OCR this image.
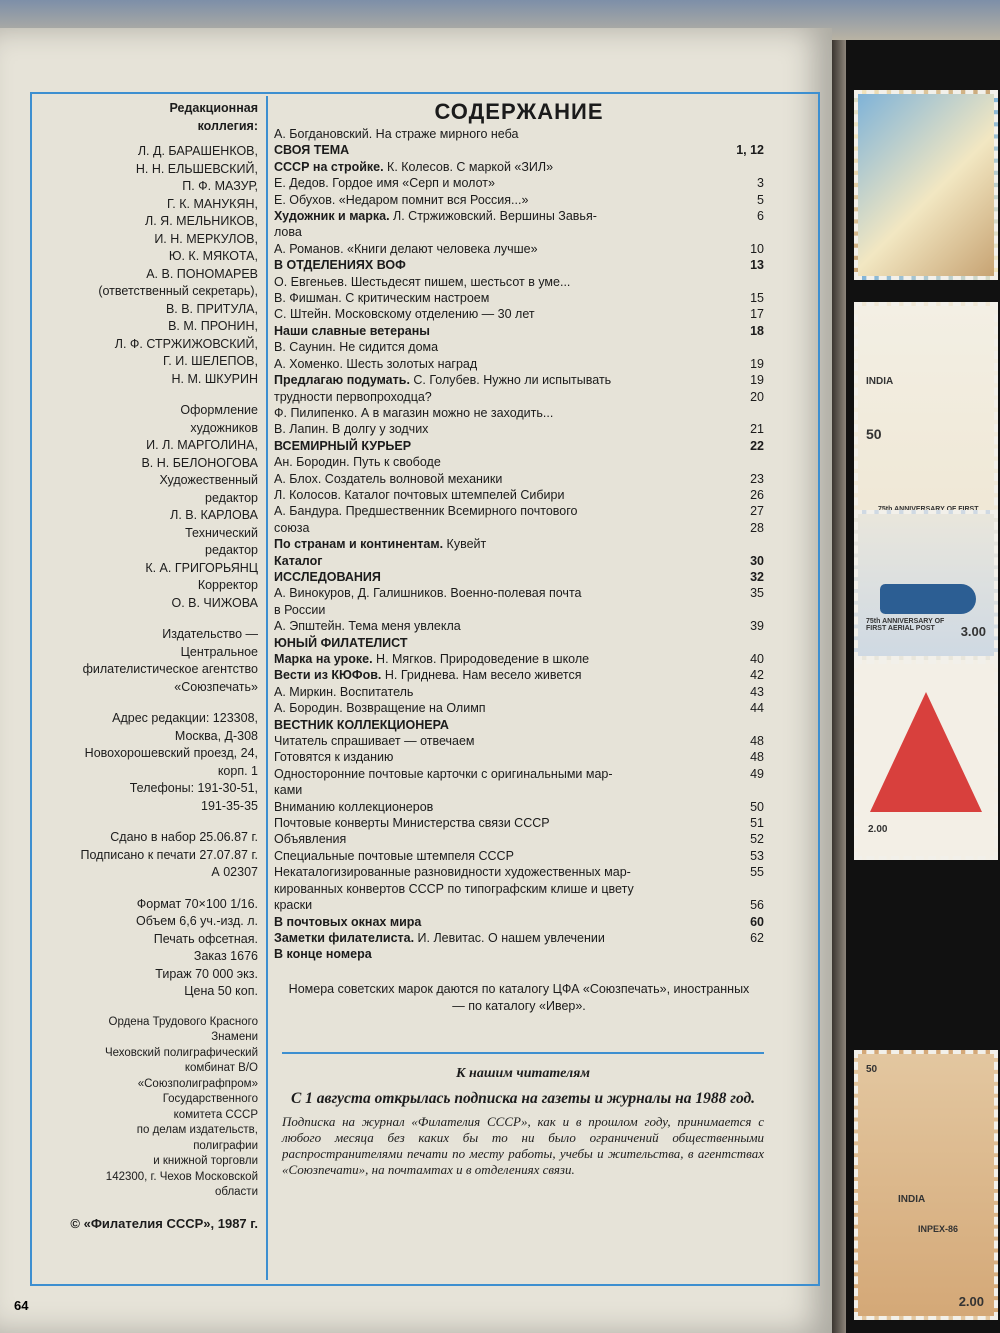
Редакционная
коллегия:
Л. Д. БАРАШЕНКОВ,
Н. Н. ЕЛЬШЕВСКИЙ,
П. Ф. МАЗУР,
Г. К. МАНУКЯН,
Л. Я. МЕЛЬНИКОВ,
И. Н. МЕРКУЛОВ,
Ю. К. МЯКОТА,
А. В. ПОНОМАРЕВ
(ответственный секретарь),
В. В. ПРИТУЛА,
В. М. ПРОНИН,
Л. Ф. СТРЖИЖОВСКИЙ,
Г. И. ШЕЛЕПОВ,
Н. М. ШКУРИН
Оформление
художников
И. Л. МАРГОЛИНА,
В. Н. БЕЛОНОГОВА
Художественный
редактор
Л. В. КАРЛОВА
Технический
редактор
К. А. ГРИГОРЬЯНЦ
Корректор
О. В. ЧИЖОВА
Издательство —
Центральное
филателистическое агентство
«Союзпечать»
Адрес редакции: 123308,
Москва, Д-308
Новохорошевский проезд, 24,
корп. 1
Телефоны: 191-30-51,
191-35-35
Сдано в набор 25.06.87 г.
Подписано к печати 27.07.87 г.
А 02307
Формат 70×100 1/16.
Объем 6,6 уч.-изд. л.
Печать офсетная.
Заказ 1676
Тираж 70 000 экз.
Цена 50 коп.
Ордена Трудового Красного
Знамени
Чеховский полиграфический
комбинат В/О
«Союзполиграфпром»
Государственного
комитета СССР
по делам издательств,
полиграфии
и книжной торговли
142300, г. Чехов Московской
области
© «Филателия СССР», 1987 г.
СОДЕРЖАНИЕ
А. Богдановский. На страже мирного неба
СВОЯ ТЕМА	1, 12
СССР на стройке. К. Колесов. С маркой «ЗИЛ»
Е. Дедов. Гордое имя «Серп и молот»	3
Е. Обухов. «Недаром помнит вся Россия...»	5
Художник и марка. Л. Стржижовский. Вершины Завья-	6
лова
А. Романов. «Книги делают человека лучше»	10
В ОТДЕЛЕНИЯХ ВОФ	13
О. Евгеньев. Шестьдесят пишем, шестьсот в уме...
В. Фишман. С критическим настроем	15
С. Штейн. Московскому отделению — 30 лет	17
Наши славные ветераны	18
В. Саунин. Не сидится дома
А. Хоменко. Шесть золотых наград	19
Предлагаю подумать. С. Голубев. Нужно ли испытывать	19
трудности первопроходца?	20
Ф. Пилипенко. А в магазин можно не заходить...
В. Лапин. В долгу у зодчих	21
ВСЕМИРНЫЙ КУРЬЕР	22
Ан. Бородин. Путь к свободе
А. Блох. Создатель волновой механики	23
Л. Колосов. Каталог почтовых штемпелей Сибири	26
А. Бандура. Предшественник Всемирного почтового	27
союза	28
По странам и континентам. Кувейт
Каталог	30
ИССЛЕДОВАНИЯ	32
А. Винокуров, Д. Галишников. Военно-полевая почта	35
в России
А. Эпштейн. Тема меня увлекла	39
ЮНЫЙ ФИЛАТЕЛИСТ
Марка на уроке. Н. Мягков. Природоведение в школе	40
Вести из КЮФов. Н. Гриднева. Нам весело живется	42
А. Миркин. Воспитатель	43
А. Бородин. Возвращение на Олимп	44
ВЕСТНИК КОЛЛЕКЦИОНЕРА
Читатель спрашивает — отвечаем	48
Готовятся к изданию	48
Односторонние почтовые карточки с оригинальными мар-	49
ками
Вниманию коллекционеров	50
Почтовые конверты Министерства связи СССР	51
Объявления	52
Специальные почтовые штемпеля СССР	53
Некаталогизированные разновидности художественных мар-	55
кированных конвертов СССР по типографским клише и цвету
краски	56
В почтовых окнах мира	60
Заметки филателиста. И. Левитас. О нашем увлечении	62
В конце номера
Номера советских марок даются по каталогу ЦФА «Союзпечать», иностранных — по каталогу «Ивер».
К нашим читателям
С 1 августа открылась подписка на газеты и журналы на 1988 год.
Подписка на журнал «Филателия СССР», как и в прошлом году, принимается с любого месяца без каких бы то ни было ограничений общественными распространителями печати по месту работы, учебы и жительства, в агентствах «Союзпечати», на почтамтах и в отделениях связи.
64
INDIA
50
75th ANNIVERSARY OF FIRST AERIAL POST	3.00
2.00
50
INDIA
INPEX-86
2.00
